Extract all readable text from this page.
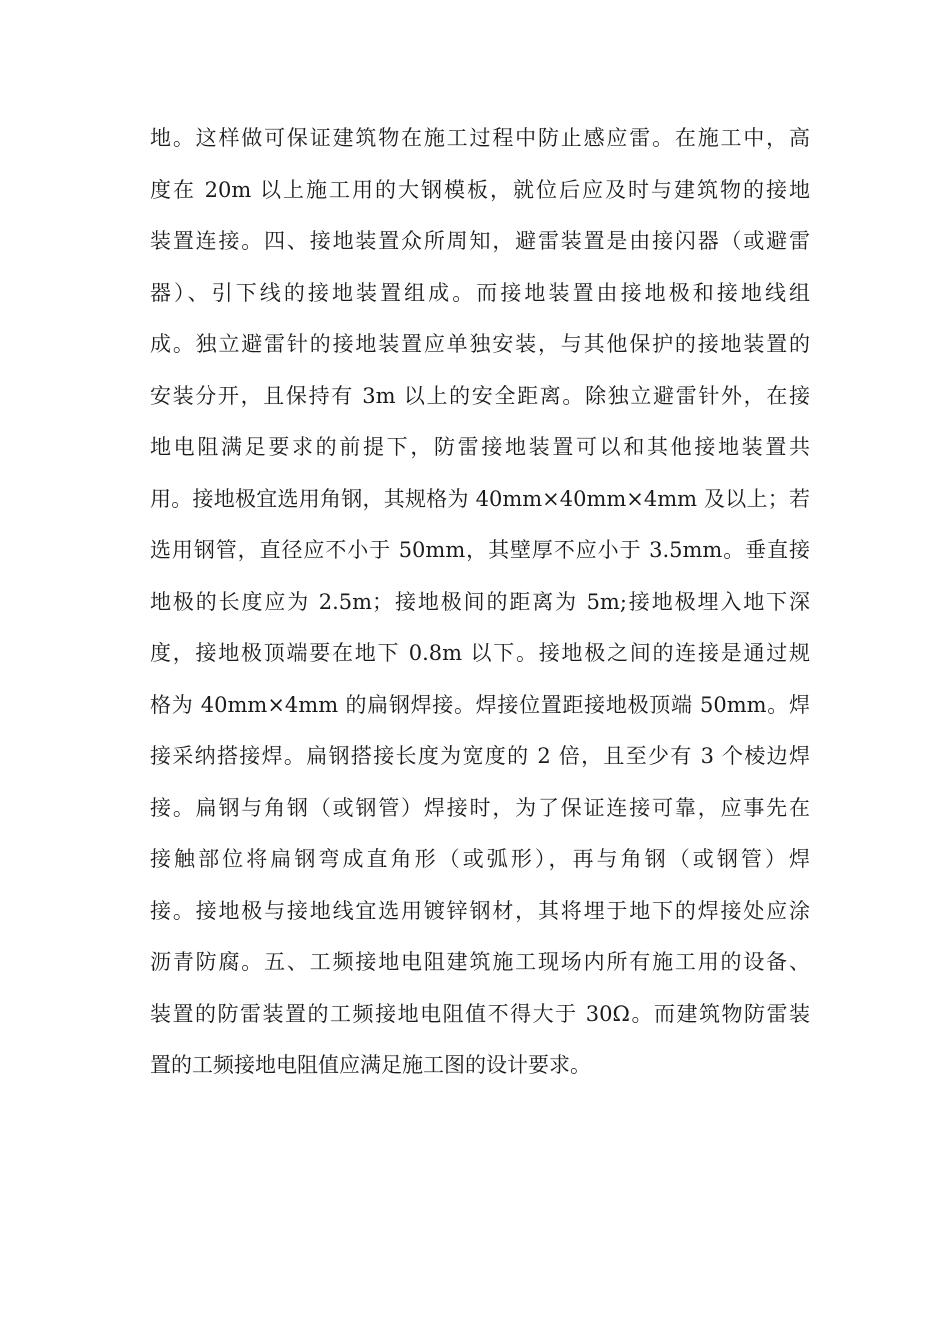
地。这样做可保证建筑物在施工过程中防止感应雷。在施工中，高
度在 20m 以上施工用的大钢模板，就位后应及时与建筑物的接地
装置连接。四、接地装置众所周知，避雷装置是由接闪器（或避雷
器）、引下线的接地装置组成。而接地装置由接地极和接地线组
成。独立避雷针的接地装置应单独安装，与其他保护的接地装置的
安装分开，且保持有 3m 以上的安全距离。除独立避雷针外，在接
地电阻满足要求的前提下，防雷接地装置可以和其他接地装置共
用。接地极宜选用角钢，其规格为 40mm×40mm×4mm 及以上；若
选用钢管，直径应不小于 50mm，其壁厚不应小于 3.5mm。垂直接
地极的长度应为 2.5m；接地极间的距离为 5m;接地极埋入地下深
度，接地极顶端要在地下 0.8m 以下。接地极之间的连接是通过规
格为 40mm×4mm 的扁钢焊接。焊接位置距接地极顶端 50mm。焊
接采纳搭接焊。扁钢搭接长度为宽度的 2 倍，且至少有 3 个棱边焊
接。扁钢与角钢（或钢管）焊接时，为了保证连接可靠，应事先在
接触部位将扁钢弯成直角形（或弧形），再与角钢（或钢管）焊
接。接地极与接地线宜选用镀锌钢材，其将埋于地下的焊接处应涂
沥青防腐。五、工频接地电阻建筑施工现场内所有施工用的设备、
装置的防雷装置的工频接地电阻值不得大于 30Ω。而建筑物防雷装
置的工频接地电阻值应满足施工图的设计要求。
